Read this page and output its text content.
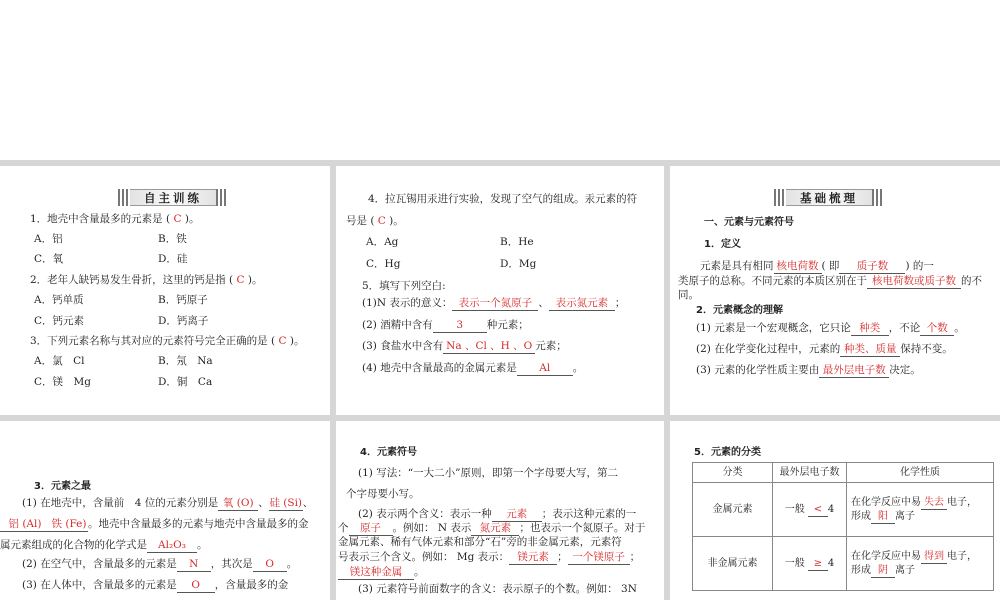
自主训练
1．地壳中含量最多的元素是 ( C )。
A．铝	B．铁
C．氧	D．硅
2．老年人缺钙易发生骨折，这里的钙是指 ( C )。
A．钙单质	B．钙原子
C．钙元素	D．钙离子
3．下列元素名称与其对应的元素符号完全正确的是 ( C )。
A．氯　Cl	B．氖　Na
C．镁　Mg	D．铜　Ca
4．拉瓦锡用汞进行实验，发现了空气的组成。汞元素的符
号是 ( C )。
A．Ag	B．He
C．Hg	D．Mg
5．填写下列空白:
(1)N 表示的意义： 表示一个氮原子 、 表示氮元素 ；
(2) 酒精中含有 3 种元素；
(3) 食盐水中含有 Na 、Cl 、H 、O 元素；
(4) 地壳中含量最高的金属元素是 Al 。
基础梳理
一、元素与元素符号
1．定义
元素是具有相同 核电荷数 ( 即 质子数 ) 的一
类原子的总称。不同元素的本质区别在于 核电荷数或质子数 的不
同。
2．元素概念的理解
(1) 元素是一个宏观概念，它只论 种类 ，不论 个数 。
(2) 在化学变化过程中，元素的 种类、质量 保持不变。
(3) 元素的化学性质主要由 最外层电子数 决定。
3．元素之最
(1) 在地壳中，含量前　4 位的元素分别是 氧 (O) 、硅 (Si)、
铝 (Al) 铁 (Fe) 。地壳中含量最多的元素与地壳中含量最多的金
属元素组成的化合物的化学式是 Al₂O₃ 。
(2) 在空气中，含量最多的元素是 N ，其次是 O 。
(3) 在人体中，含量最多的元素是 O ，含量最多的金
4．元素符号
(1) 写法：“一大二小”原则，即第一个字母要大写，第二
个字母要小写。
(2) 表示两个含义：表示一种 元素 ；表示这种元素的一
个 原子 。例如： N 表示 氮元素 ；也表示一个氮原子。对于
金属元素、稀有气体元素和部分“石”旁的非金属元素，元素符
号表示三个含义。例如： Mg 表示： 镁元素 ； 一个镁原子 ；
镁这种金属 。
(3) 元素符号前面数字的含义：表示原子的个数。例如： 3N
5．元素的分类
分类	最外层电子数	化学性质
金属元素	一般 < 4	在化学反应中易 失去 电子，
形成 阳 离子
非金属元素	一般 ≥ 4	在化学反应中易 得到 电子，
形成 阴 离子
